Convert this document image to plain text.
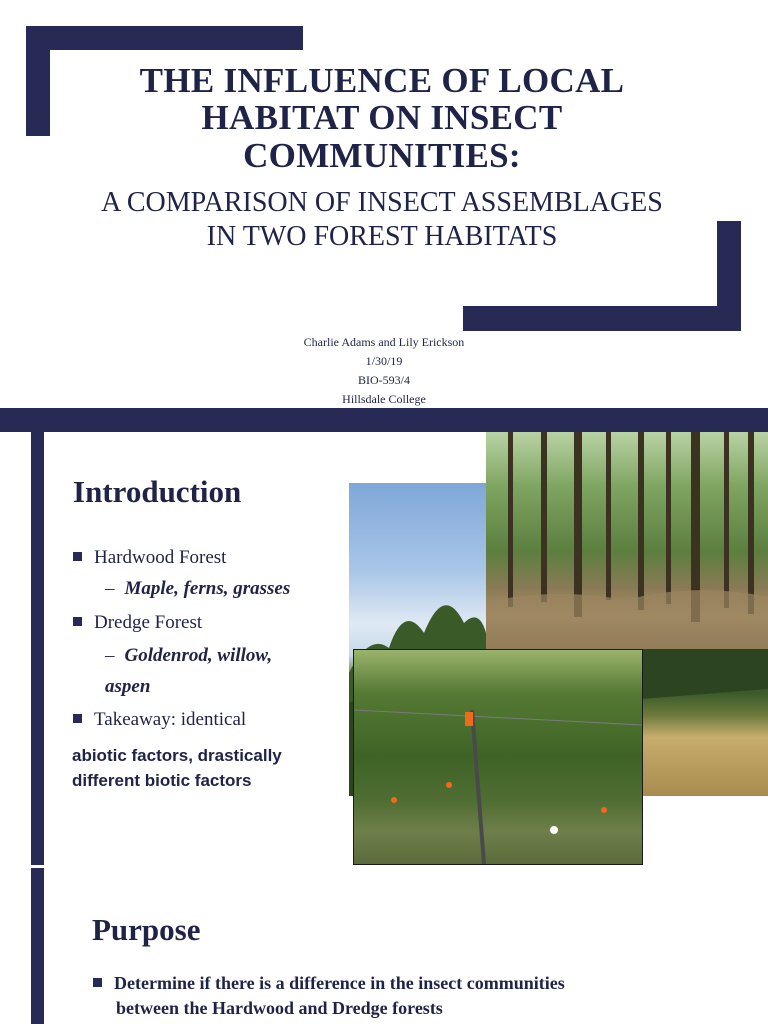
THE INFLUENCE OF LOCAL HABITAT ON INSECT COMMUNITIES:
A COMPARISON OF INSECT ASSEMBLAGES IN TWO FOREST HABITATS
Charlie Adams and Lily Erickson
1/30/19
BIO-593/4
Hillsdale College
Introduction
Hardwood Forest
– Maple, ferns, grasses
Dredge Forest
– Goldenrod, willow,
aspen
Takeaway: identical
abiotic factors, drastically
different biotic factors
Purpose
Determine if there is a difference in the insect communities
between the Hardwood and Dredge forests
